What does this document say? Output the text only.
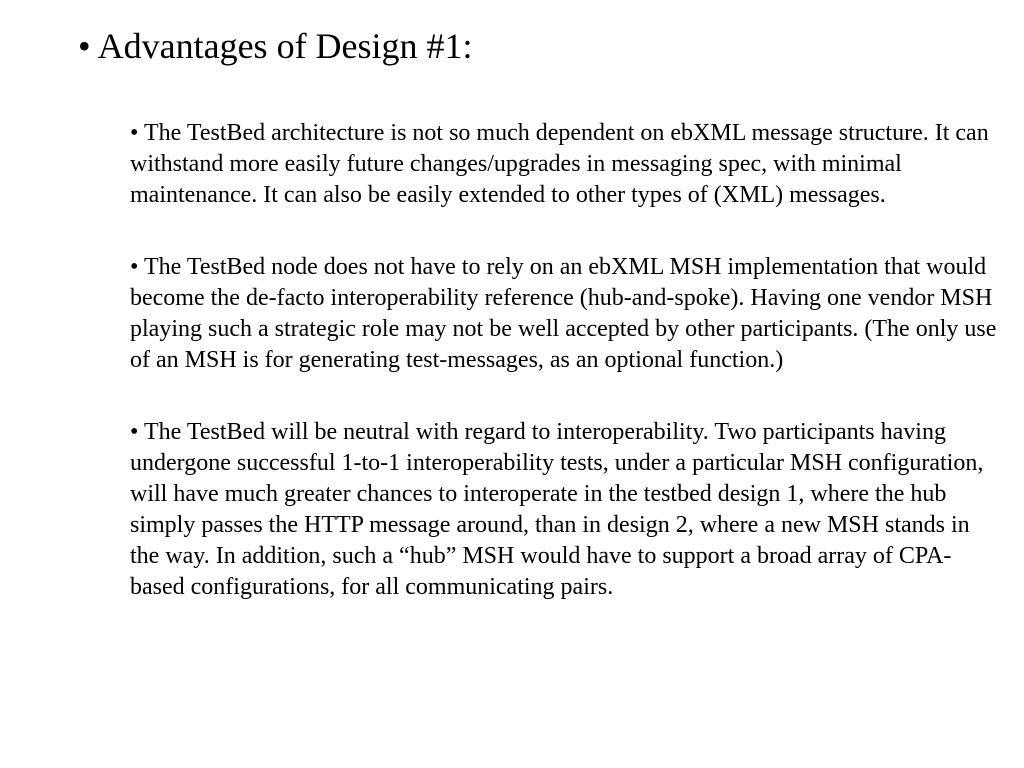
• Advantages of Design #1:
• The TestBed architecture is not so much dependent on ebXML message structure. It can withstand more easily future changes/upgrades in messaging spec, with minimal maintenance. It can also be easily extended to other types of (XML) messages.
• The TestBed node does not have to rely on an ebXML MSH implementation that would become the de-facto interoperability reference (hub-and-spoke). Having one vendor MSH playing such a strategic role may not be well accepted by other participants. (The only use of an MSH is for generating test-messages, as an optional function.)
• The TestBed will be neutral with regard to interoperability. Two participants having undergone successful 1-to-1 interoperability tests, under a particular MSH configuration, will have much greater chances to interoperate in the testbed design 1, where the hub simply passes the HTTP message around, than in design 2, where a new MSH stands in the way. In addition, such a “hub” MSH would have to support a broad array of CPA-based configurations, for all communicating pairs.
